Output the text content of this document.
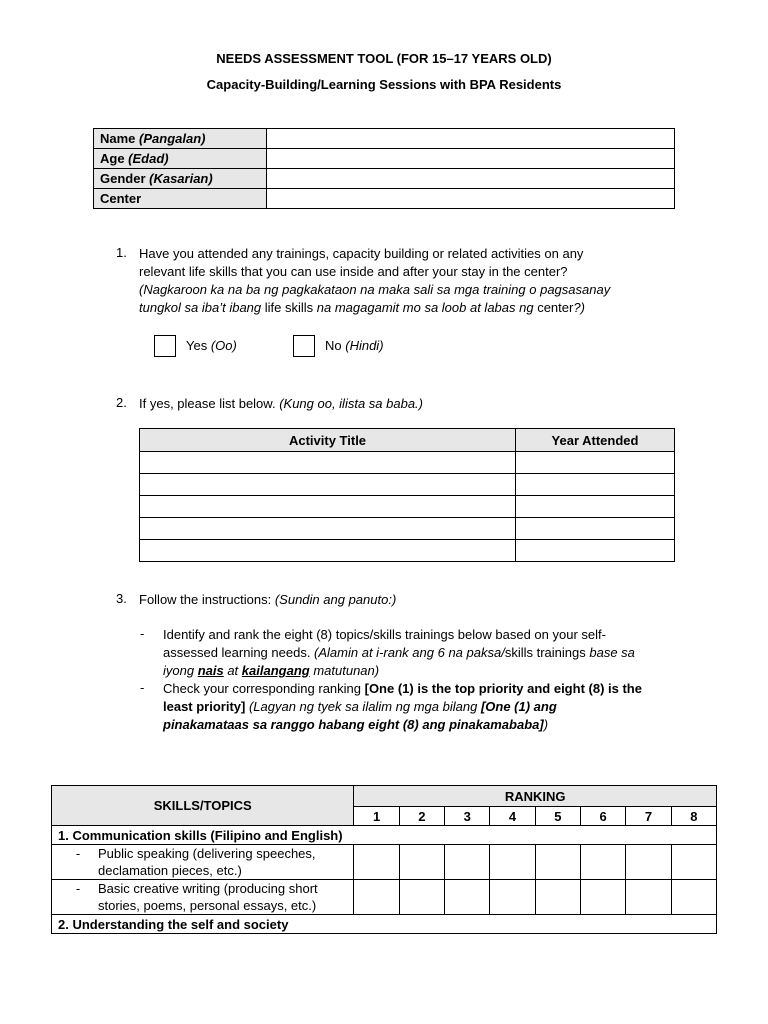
NEEDS ASSESSMENT TOOL (FOR 15–17 YEARS OLD)
Capacity-Building/Learning Sessions with BPA Residents
Name (Pangalan)	
Age (Edad)	
Gender (Kasarian)	
Center	
1. Have you attended any trainings, capacity building or related activities on any
relevant life skills that you can use inside and after your stay in the center?
(Nagkaroon ka na ba ng pagkakataon na maka sali sa mga training o pagsasanay
tungkol sa iba’t ibang life skills na magagamit mo sa loob at labas ng center?)
Yes (Oo)	No (Hindi)
2. If yes, please list below. (Kung oo, ilista sa baba.)
Activity Title	Year Attended

3. Follow the instructions: (Sundin ang panuto:)
- Identify and rank the eight (8) topics/skills trainings below based on your self-
assessed learning needs. (Alamin at i-rank ang 6 na paksa/skills trainings base sa
iyong nais at kailangang matutunan)
- Check your corresponding ranking [One (1) is the top priority and eight (8) is the
least priority] (Lagyan ng tyek sa ilalim ng mga bilang [One (1) ang
pinakamataas sa ranggo habang eight (8) ang pinakamababa])
SKILLS/TOPICS	RANKING							
	1	2	3	4	5	6	7	8
1. Communication skills (Filipino and English)								

- Public speaking (delivering speeches,
declamation pieces, etc.)								

- Basic creative writing (producing short
stories, poems, personal essays, etc.)								

2. Understanding the self and society								
